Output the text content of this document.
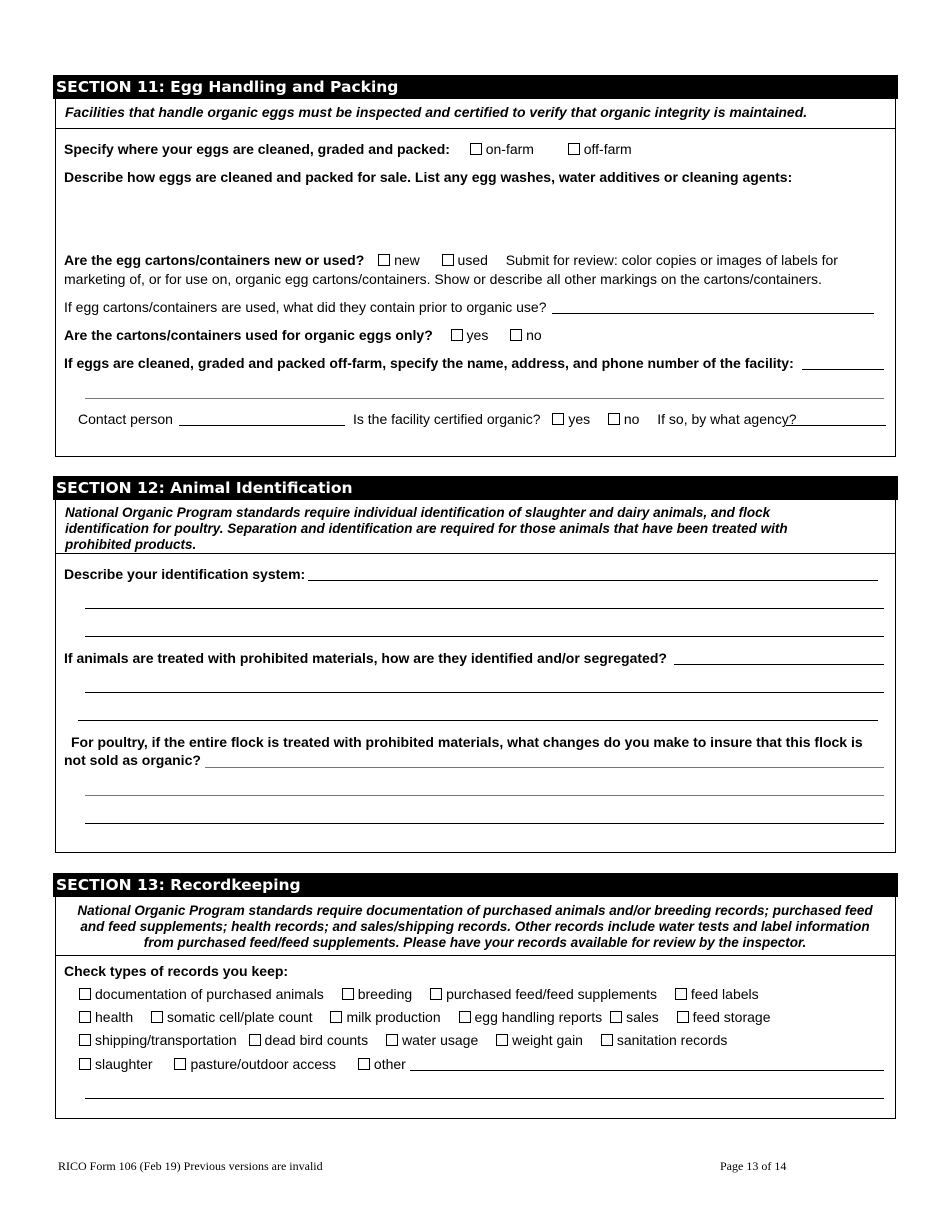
SECTION 11: Egg Handling and Packing
Facilities that handle organic eggs must be inspected and certified to verify that organic integrity is maintained.
Specify where your eggs are cleaned, graded and packed:	on-farm	off-farm
Describe how eggs are cleaned and packed for sale. List any egg washes, water additives or cleaning agents:
Are the egg cartons/containers new or used? new	used Submit for review: color copies or images of labels for
marketing of, or for use on, organic egg cartons/containers. Show or describe all other markings on the cartons/containers.
If egg cartons/containers are used, what did they contain prior to organic use?
Are the cartons/containers used for organic eggs only? yes	no
If eggs are cleaned, graded and packed off-farm, specify the name, address, and phone number of the facility:
Contact person	Is the facility certified organic? yes no If so, by what agency?
SECTION 12: Animal Identification
National Organic Program standards require individual identification of slaughter and dairy animals, and flock identification for poultry. Separation and identification are required for those animals that have been treated with prohibited products.
Describe your identification system:
If animals are treated with prohibited materials, how are they identified and/or segregated?
For poultry, if the entire flock is treated with prohibited materials, what changes do you make to insure that this flock is
not sold as organic?
SECTION 13: Recordkeeping
National Organic Program standards require documentation of purchased animals and/or breeding records; purchased feed and feed supplements; health records; and sales/shipping records. Other records include water tests and label information from purchased feed/feed supplements. Please have your records available for review by the inspector.
Check types of records you keep:
documentation of purchased animals breeding purchased feed/feed supplements feed labels
health somatic cell/plate count milk production egg handling reports sales feed storage
shipping/transportation dead bird counts water usage weight gain sanitation records
slaughter	pasture/outdoor access	other
RICO Form 106 (Feb 19) Previous versions are invalid	Page 13 of 14
